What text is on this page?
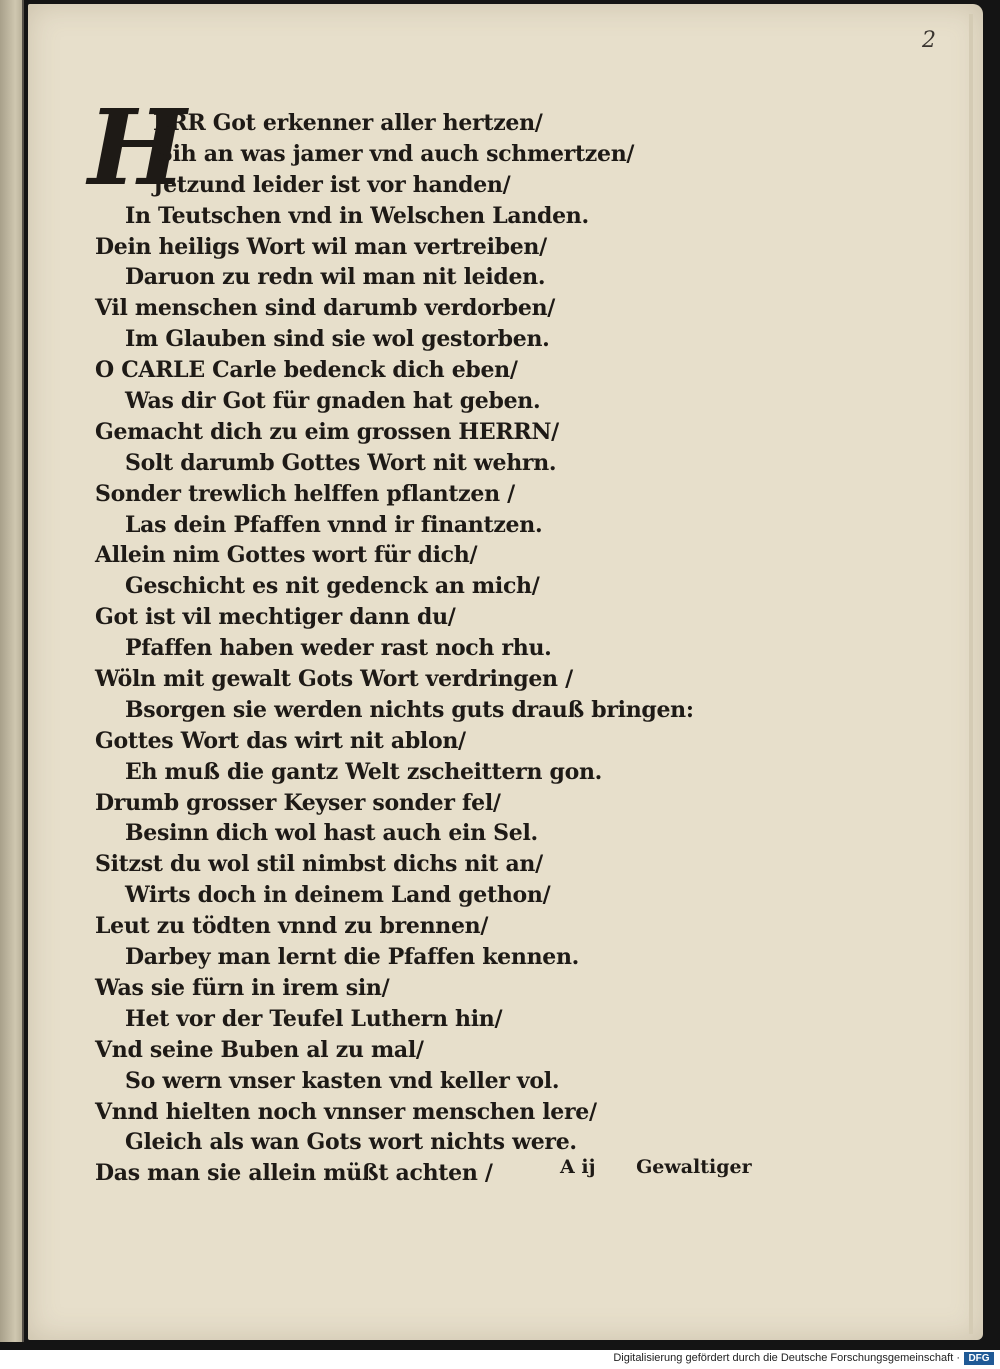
2
H
ERR Got erkenner aller hertzen/
Sih an was jamer vnd auch schmertzen/
Jetzund leider ist vor handen/
In Teutschen vnd in Welschen Landen.
Dein heiligs Wort wil man vertreiben/
Daruon zu redn wil man nit leiden.
Vil menschen sind darumb verdorben/
Im Glauben sind sie wol gestorben.
O CARLE Carle bedenck dich eben/
Was dir Got für gnaden hat geben.
Gemacht dich zu eim grossen HERRN/
Solt darumb Gottes Wort nit wehrn.
Sonder trewlich helffen pflantzen /
Las dein Pfaffen vnnd ir finantzen.
Allein nim Gottes wort für dich/
Geschicht es nit gedenck an mich/
Got ist vil mechtiger dann du/
Pfaffen haben weder rast noch rhu.
Wöln mit gewalt Gots Wort verdringen /
Bsorgen sie werden nichts guts drauß bringen:
Gottes Wort das wirt nit ablon/
Eh muß die gantz Welt zscheittern gon.
Drumb grosser Keyser sonder fel/
Besinn dich wol hast auch ein Sel.
Sitzst du wol stil nimbst dichs nit an/
Wirts doch in deinem Land gethon/
Leut zu tödten vnnd zu brennen/
Darbey man lernt die Pfaffen kennen.
Was sie fürn in irem sin/
Het vor der Teufel Luthern hin/
Vnd seine Buben al zu mal/
So wern vnser kasten vnd keller vol.
Vnnd hielten noch vnnser menschen lere/
Gleich als wan Gots wort nichts were.
Das man sie allein müßt achten /	A ij Gewaltiger
Digitalisierung gefördert durch die Deutsche Forschungsgemeinschaft · DFG
